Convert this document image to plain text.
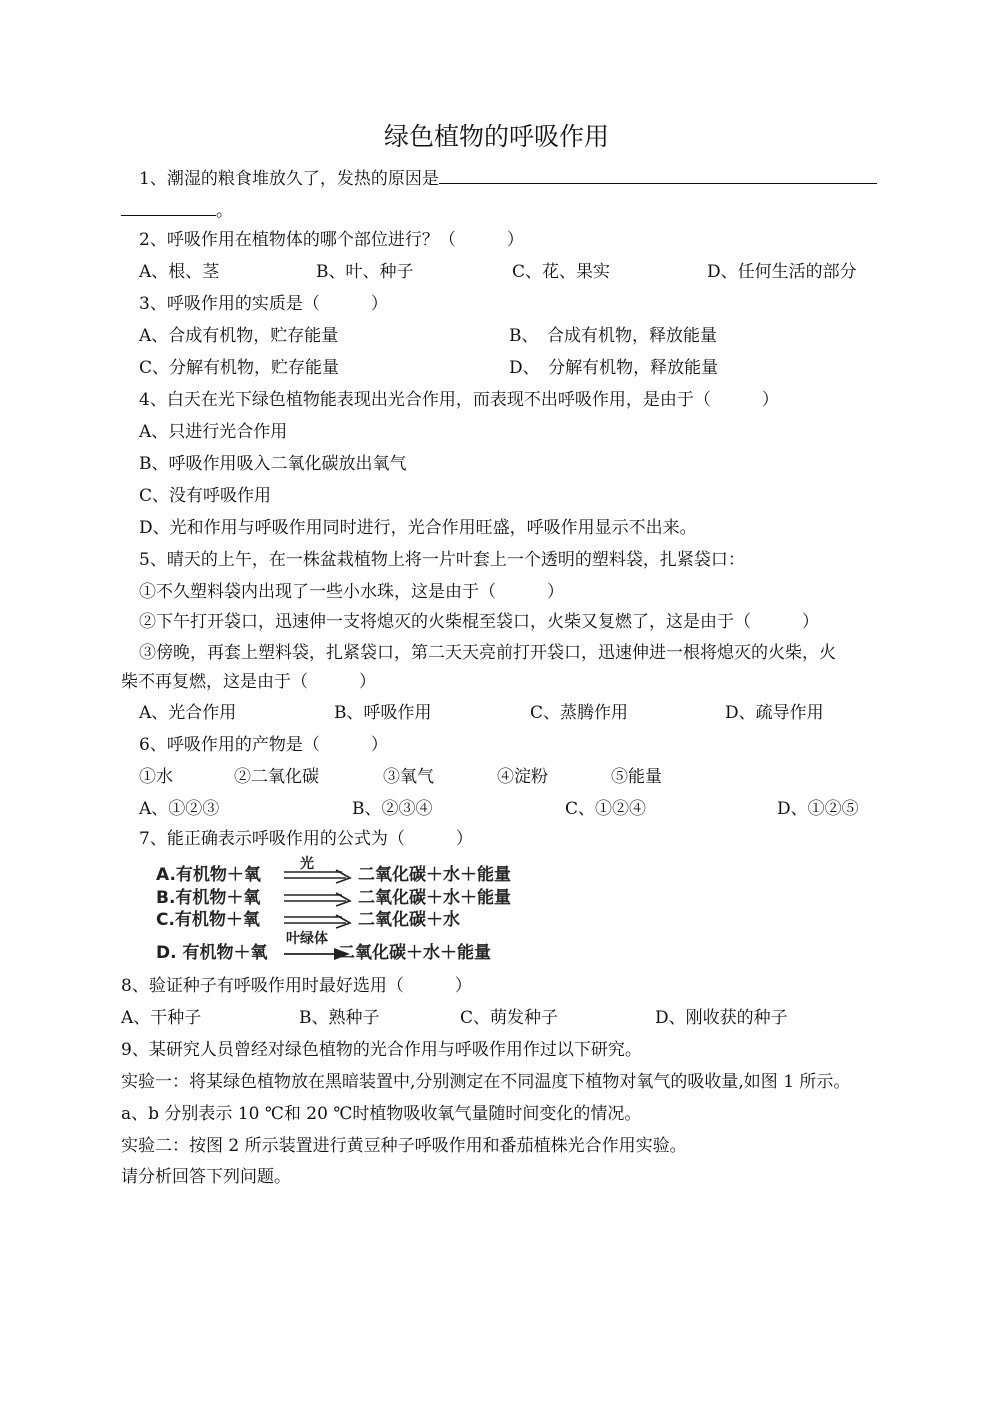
绿色植物的呼吸作用
1、潮湿的粮食堆放久了，发热的原因是
。
2、呼吸作用在植物体的哪个部位进行？（　　　）
A、根、茎	B、叶、种子	C、花、果实	D、任何生活的部分
3、呼吸作用的实质是（　　　）
A、合成有机物，贮存能量	B、　合成有机物，释放能量
C、分解有机物，贮存能量	D、　分解有机物，释放能量
4、白天在光下绿色植物能表现出光合作用，而表现不出呼吸作用，是由于（　　　）
A、只进行光合作用
B、呼吸作用吸入二氧化碳放出氧气
C、没有呼吸作用
D、光和作用与呼吸作用同时进行，光合作用旺盛，呼吸作用显示不出来。
5、晴天的上午，在一株盆栽植物上将一片叶套上一个透明的塑料袋，扎紧袋口：
①不久塑料袋内出现了一些小水珠，这是由于（　　　）
②下午打开袋口，迅速伸一支将熄灭的火柴棍至袋口，火柴又复燃了，这是由于（　　　）
③傍晚，再套上塑料袋，扎紧袋口，第二天天亮前打开袋口，迅速伸进一根将熄灭的火柴，火
柴不再复燃，这是由于（　　　）
A、光合作用	B、呼吸作用	C、蒸腾作用	D、疏导作用
6、呼吸作用的产物是（　　　）
①水	②二氧化碳	③氧气	④淀粉	⑤能量
A、①②③	B、②③④	C、①②④	D、①②⑤
7、能正确表示呼吸作用的公式为（　　　）
A.有机物＋氧
光
二氧化碳＋水＋能量
B.有机物＋氧	二氧化碳＋水＋能量
C.有机物＋氧	二氧化碳＋水
D. 有机物＋氧
叶绿体
二氧化碳＋水＋能量
8、验证种子有呼吸作用时最好选用（　　　）
A、干种子	B、熟种子	C、萌发种子	D、刚收获的种子
9、某研究人员曾经对绿色植物的光合作用与呼吸作用作过以下研究。
实验一：将某绿色植物放在黑暗装置中,分别测定在不同温度下植物对氧气的吸收量,如图 1 所示。
a、b 分别表示 10 ℃和 20 ℃时植物吸收氧气量随时间变化的情况。
实验二：按图 2 所示装置进行黄豆种子呼吸作用和番茄植株光合作用实验。
请分析回答下列问题。
